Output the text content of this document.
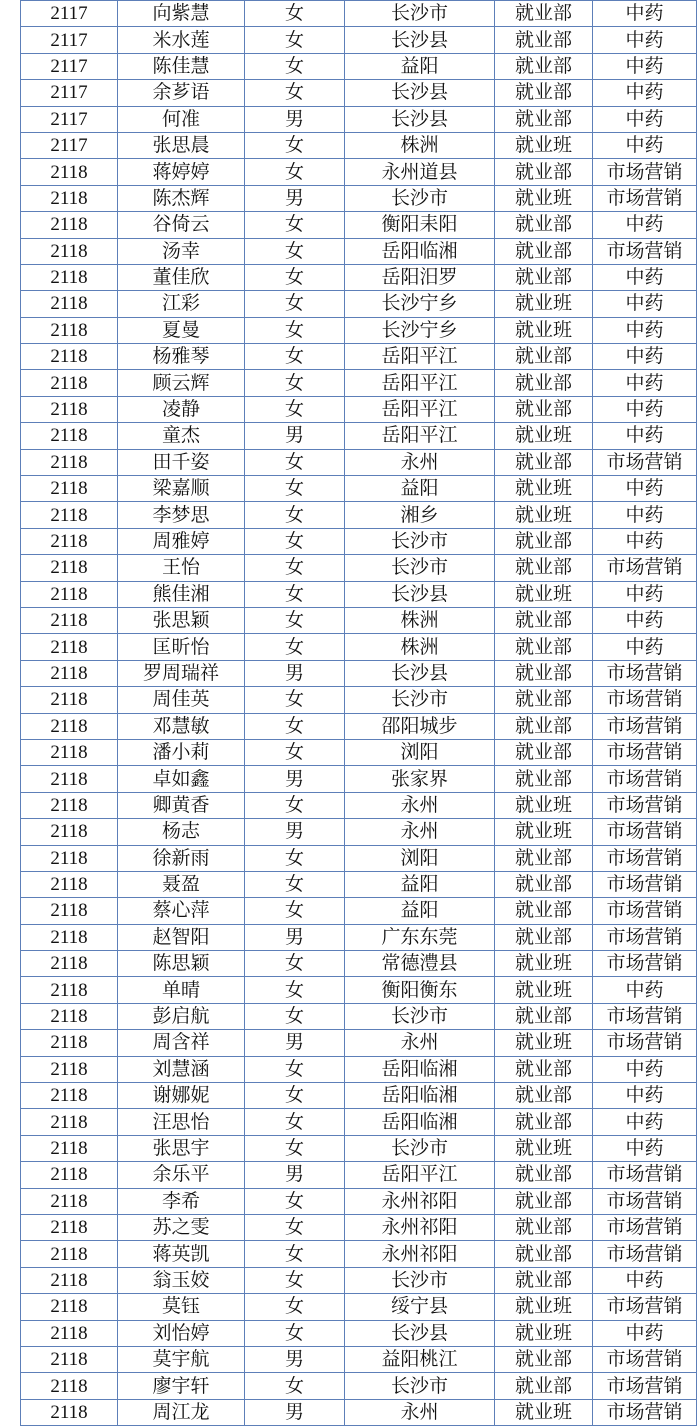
2117	向紫慧	女	长沙市	就业部	中药
2117	米水莲	女	长沙县	就业部	中药
2117	陈佳慧	女	益阳	就业部	中药
2117	余芗语	女	长沙县	就业部	中药
2117	何准	男	长沙县	就业部	中药
2117	张思晨	女	株洲	就业班	中药
2118	蒋婷婷	女	永州道县	就业部	市场营销
2118	陈杰辉	男	长沙市	就业班	市场营销
2118	谷倚云	女	衡阳耒阳	就业部	中药
2118	汤幸	女	岳阳临湘	就业部	市场营销
2118	董佳欣	女	岳阳汨罗	就业部	中药
2118	江彩	女	长沙宁乡	就业班	中药
2118	夏曼	女	长沙宁乡	就业班	中药
2118	杨雅琴	女	岳阳平江	就业部	中药
2118	顾云辉	女	岳阳平江	就业部	中药
2118	凌静	女	岳阳平江	就业部	中药
2118	童杰	男	岳阳平江	就业班	中药
2118	田千姿	女	永州	就业部	市场营销
2118	梁嘉顺	女	益阳	就业班	中药
2118	李梦思	女	湘乡	就业班	中药
2118	周雅婷	女	长沙市	就业部	中药
2118	王怡	女	长沙市	就业部	市场营销
2118	熊佳湘	女	长沙县	就业班	中药
2118	张思颖	女	株洲	就业部	中药
2118	匡昕怡	女	株洲	就业部	中药
2118	罗周瑞祥	男	长沙县	就业部	市场营销
2118	周佳英	女	长沙市	就业部	市场营销
2118	邓慧敏	女	邵阳城步	就业部	市场营销
2118	潘小莉	女	浏阳	就业部	市场营销
2118	卓如鑫	男	张家界	就业部	市场营销
2118	卿黄香	女	永州	就业班	市场营销
2118	杨志	男	永州	就业班	市场营销
2118	徐新雨	女	浏阳	就业部	市场营销
2118	聂盈	女	益阳	就业部	市场营销
2118	蔡心萍	女	益阳	就业部	市场营销
2118	赵智阳	男	广东东莞	就业部	市场营销
2118	陈思颖	女	常德澧县	就业班	市场营销
2118	单晴	女	衡阳衡东	就业班	中药
2118	彭启航	女	长沙市	就业部	市场营销
2118	周含祥	男	永州	就业班	市场营销
2118	刘慧涵	女	岳阳临湘	就业部	中药
2118	谢娜妮	女	岳阳临湘	就业部	中药
2118	汪思怡	女	岳阳临湘	就业部	中药
2118	张思宇	女	长沙市	就业班	中药
2118	余乐平	男	岳阳平江	就业部	市场营销
2118	李希	女	永州祁阳	就业部	市场营销
2118	苏之雯	女	永州祁阳	就业部	市场营销
2118	蒋英凯	女	永州祁阳	就业部	市场营销
2118	翁玉姣	女	长沙市	就业部	中药
2118	莫钰	女	绥宁县	就业班	市场营销
2118	刘怡婷	女	长沙县	就业班	中药
2118	莫宇航	男	益阳桃江	就业部	市场营销
2118	廖宇轩	女	长沙市	就业部	市场营销
2118	周江龙	男	永州	就业班	市场营销
